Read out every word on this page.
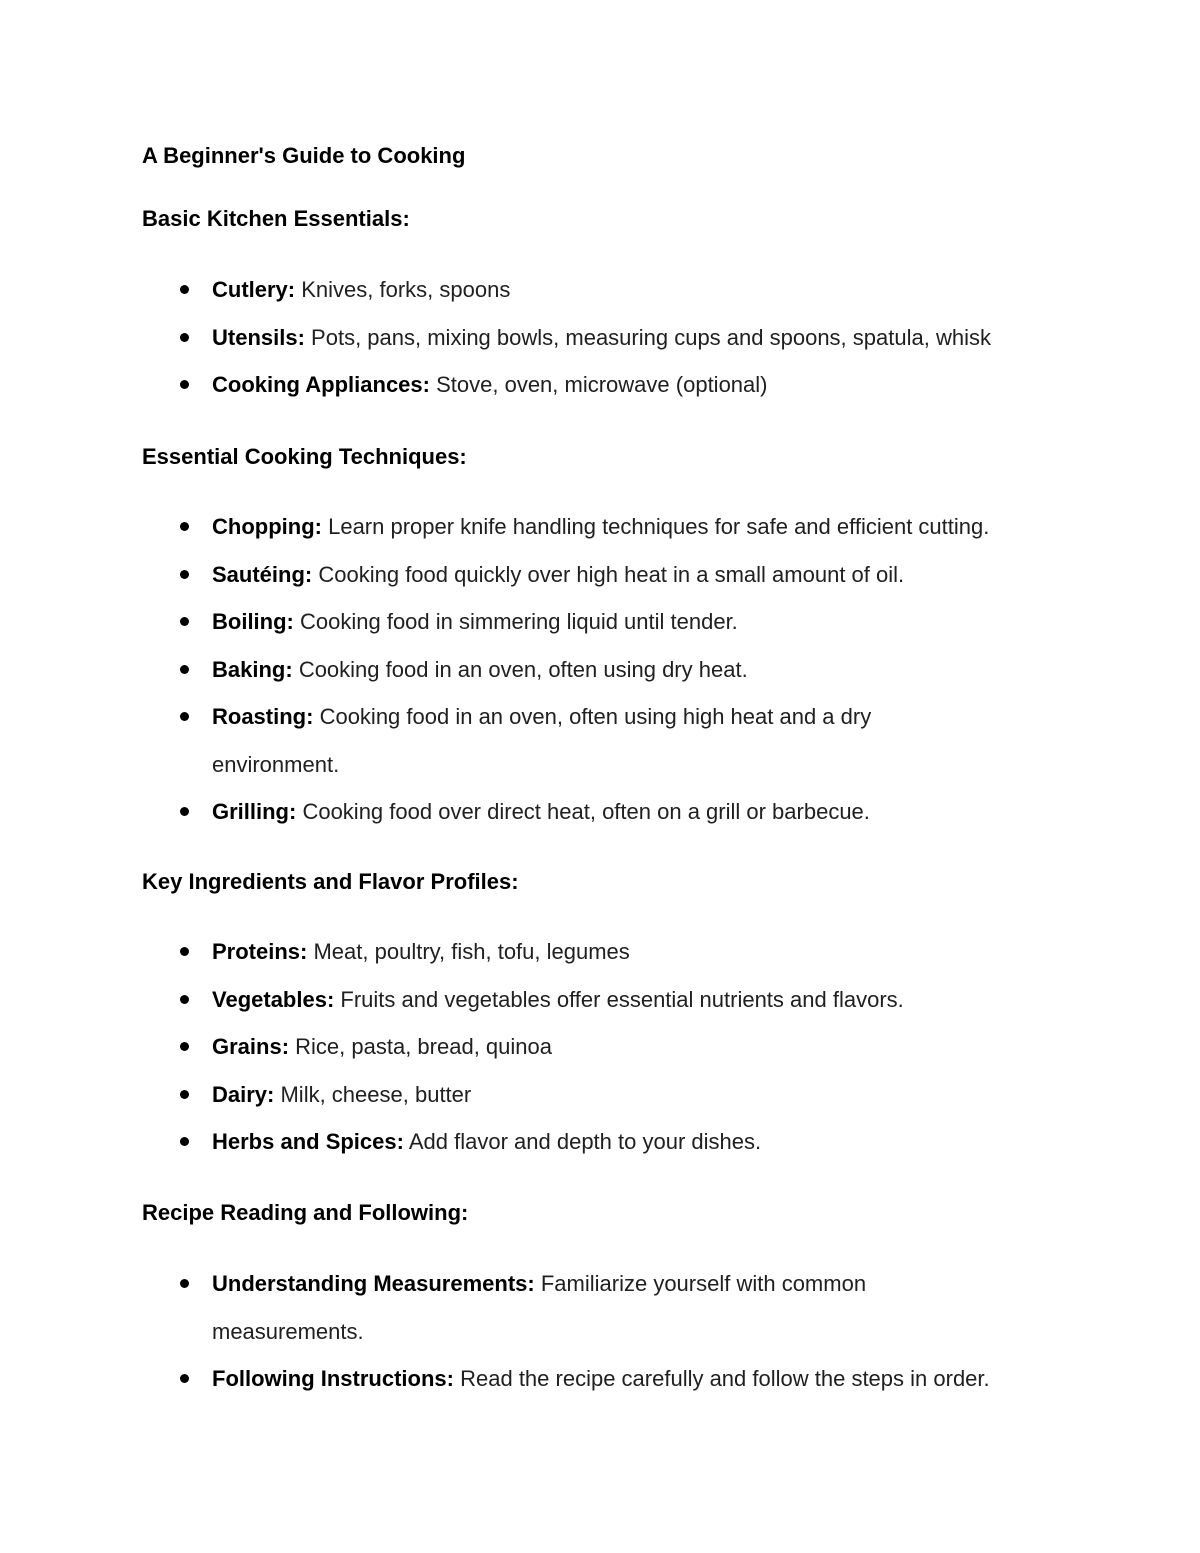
A Beginner's Guide to Cooking
Basic Kitchen Essentials:
Cutlery: Knives, forks, spoons
Utensils: Pots, pans, mixing bowls, measuring cups and spoons, spatula, whisk
Cooking Appliances: Stove, oven, microwave (optional)
Essential Cooking Techniques:
Chopping: Learn proper knife handling techniques for safe and efficient cutting.
Sautéing: Cooking food quickly over high heat in a small amount of oil.
Boiling: Cooking food in simmering liquid until tender.
Baking: Cooking food in an oven, often using dry heat.
Roasting: Cooking food in an oven, often using high heat and a dry environment.
Grilling: Cooking food over direct heat, often on a grill or barbecue.
Key Ingredients and Flavor Profiles:
Proteins: Meat, poultry, fish, tofu, legumes
Vegetables: Fruits and vegetables offer essential nutrients and flavors.
Grains: Rice, pasta, bread, quinoa
Dairy: Milk, cheese, butter
Herbs and Spices: Add flavor and depth to your dishes.
Recipe Reading and Following:
Understanding Measurements: Familiarize yourself with common measurements.
Following Instructions: Read the recipe carefully and follow the steps in order.
